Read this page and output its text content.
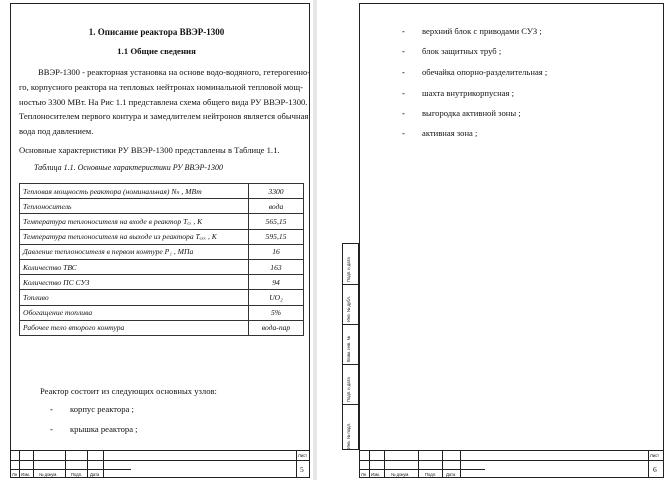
1. Описание реактора ВВЭР-1300
1.1 Общие сведения
ВВЭР-1300 - реакторная установка на основе водо-водяного, гетерогенно-
го, корпусного реактора на тепловых нейтронах номинальной тепловой мощ-
ностью 3300 МВт. На Рис 1.1 представлена схема общего вида РУ ВВЭР-1300.
Теплоносителем первого контура и замедлителем нейтронов является обычная
вода под давлением.
Основные характеристики РУ ВВЭР-1300 представлены в Таблице 1.1.
Таблица 1.1. Основные характеристики РУ ВВЭР-1300
Тепловая мощность реактора (номинальная) Nₙ , МВт	3300
Теплоноситель	вода
Температура теплоносителя на входе в реактор Tₑₓ , К	565,15
Температура теплоносителя на выходе из реактора Tₑₓₓ , К	595,15
Давление теплоносителя в первом контуре P₁ , МПа	16
Количество ТВС	163
Количество ПС СУЗ	94
Топливо	UO₂
Обогащение топлива	5%
Рабочее тело второго контура	вода-пар
Реактор состоит из следующих основных узлов:
- корпус реактора ;
- крышка реактора ;
Лн Изм. № докум.	Подп. Дата
Лист
5
- верхний блок с приводами СУЗ ;
- блок защитных труб ;
- обечайка опорно-разделительная ;
- шахта внутрикорпусная ;
- выгородка активной зоны ;
- активная зона ;
Подп. и дата
Инв. № дубл.
Взам. инв. №
Подп. и дата
Инв. № подл.
Лн Изм.	№ докум.	Подп. Дата
Лист
6
